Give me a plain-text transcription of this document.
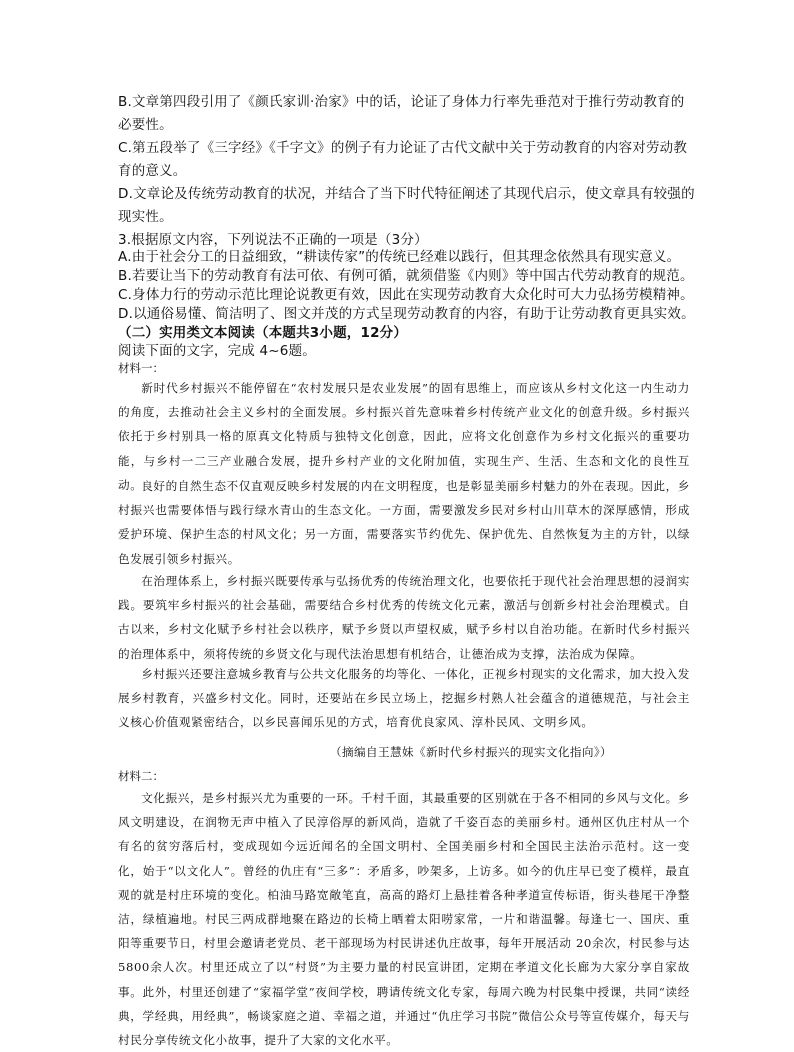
B.文章第四段引用了《颜氏家训·治家》中的话，论证了身体力行率先垂范对于推行劳动教育的必要性。
C.第五段举了《三字经》《千字文》的例子有力论证了古代文献中关于劳动教育的内容对劳动教育的意义。
D.文章论及传统劳动教育的状况，并结合了当下时代特征阐述了其现代启示，使文章具有较强的现实性。
3.根据原文内容，下列说法不正确的一项是（3分）
A.由于社会分工的日益细致，“耕读传家”的传统已经难以践行，但其理念依然具有现实意义。
B.若要让当下的劳动教育有法可依、有例可循，就须借鉴《内则》等中国古代劳动教育的规范。
C.身体力行的劳动示范比理论说教更有效，因此在实现劳动教育大众化时可大力弘扬劳模精神。
D.以通俗易懂、简洁明了、图文并茂的方式呈现劳动教育的内容，有助于让劳动教育更具实效。
（二）实用类文本阅读（本题共3小题，12分）
阅读下面的文字，完成 4~6题。
材料一：

新时代乡村振兴不能停留在“农村发展只是农业发展”的固有思维上，而应该从乡村文化这一内生动力的角度，去推动社会主义乡村的全面发展。乡村振兴首先意味着乡村传统产业文化的创意升级。乡村振兴依托于乡村别具一格的原真文化特质与独特文化创意，因此，应将文化创意作为乡村文化振兴的重要功能，与乡村一二三产业融合发展，提升乡村产业的文化附加值，实现生产、生活、生态和文化的良性互动。

良好的自然生态不仅直观反映乡村发展的内在文明程度，也是彰显美丽乡村魅力的外在表现。因此，乡村振兴也需要体悟与践行绿水青山的生态文化。一方面，需要激发乡民对乡村山川草木的深厚感情，形成爱护环境、保护生态的村风文化；另一方面，需要落实节约优先、保护优先、自然恢复为主的方针，以绿色发展引领乡村振兴。

在治理体系上，乡村振兴既要传承与弘扬优秀的传统治理文化，也要依托于现代社会治理思想的浸润实践。要筑牢乡村振兴的社会基础，需要结合乡村优秀的传统文化元素，激活与创新乡村社会治理模式。自古以来，乡村文化赋予乡村社会以秩序，赋予乡贤以声望权威，赋予乡村以自治功能。在新时代乡村振兴的治理体系中，须将传统的乡贤文化与现代法治思想有机结合，让德治成为支撑，法治成为保障。

乡村振兴还要注意城乡教育与公共文化服务的均等化、一体化，正视乡村现实的文化需求，加大投入发展乡村教育，兴盛乡村文化。同时，还要站在乡民立场上，挖掘乡村熟人社会蕴含的道德规范，与社会主义核心价值观紧密结合，以乡民喜闻乐见的方式，培育优良家风、淳朴民风、文明乡风。

（摘编自王慧妹《新时代乡村振兴的现实文化指向》）
材料二：

文化振兴，是乡村振兴尤为重要的一环。千村千面，其最重要的区别就在于各不相同的乡风与文化。乡风文明建设，在润物无声中植入了民淳俗厚的新风尚，造就了千姿百态的美丽乡村。通州区仇庄村从一个有名的贫穷落后村，变成现如今远近闻名的全国文明村、全国美丽乡村和全国民主法治示范村。这一变化，始于“以文化人”。曾经的仇庄有“三多”：矛盾多，吵架多，上访多。如今的仇庄早已变了模样，最直观的就是村庄环境的变化。柏油马路宽敞笔直，高高的路灯上悬挂着各种孝道宣传标语，街头巷尾干净整洁，绿植遍地。村民三两成群地聚在路边的长椅上晒着太阳唠家常，一片和谐温馨。每逢七一、国庆、重阳等重要节日，村里会邀请老党员、老干部现场为村民讲述仇庄故事，每年开展活动 20余次，村民参与达 5800余人次。村里还成立了以“村贤”为主要力量的村民宣讲团，定期在孝道文化长廊为大家分享自家故事。此外，村里还创建了“家福学堂”夜间学校，聘请传统文化专家，每周六晚为村民集中授课，共同“读经典，学经典，用经典”，畅谈家庭之道、幸福之道，并通过“仇庄学习书院”微信公众号等宣传媒介，每天与村民分享传统文化小故事，提升了大家的文化水平。
